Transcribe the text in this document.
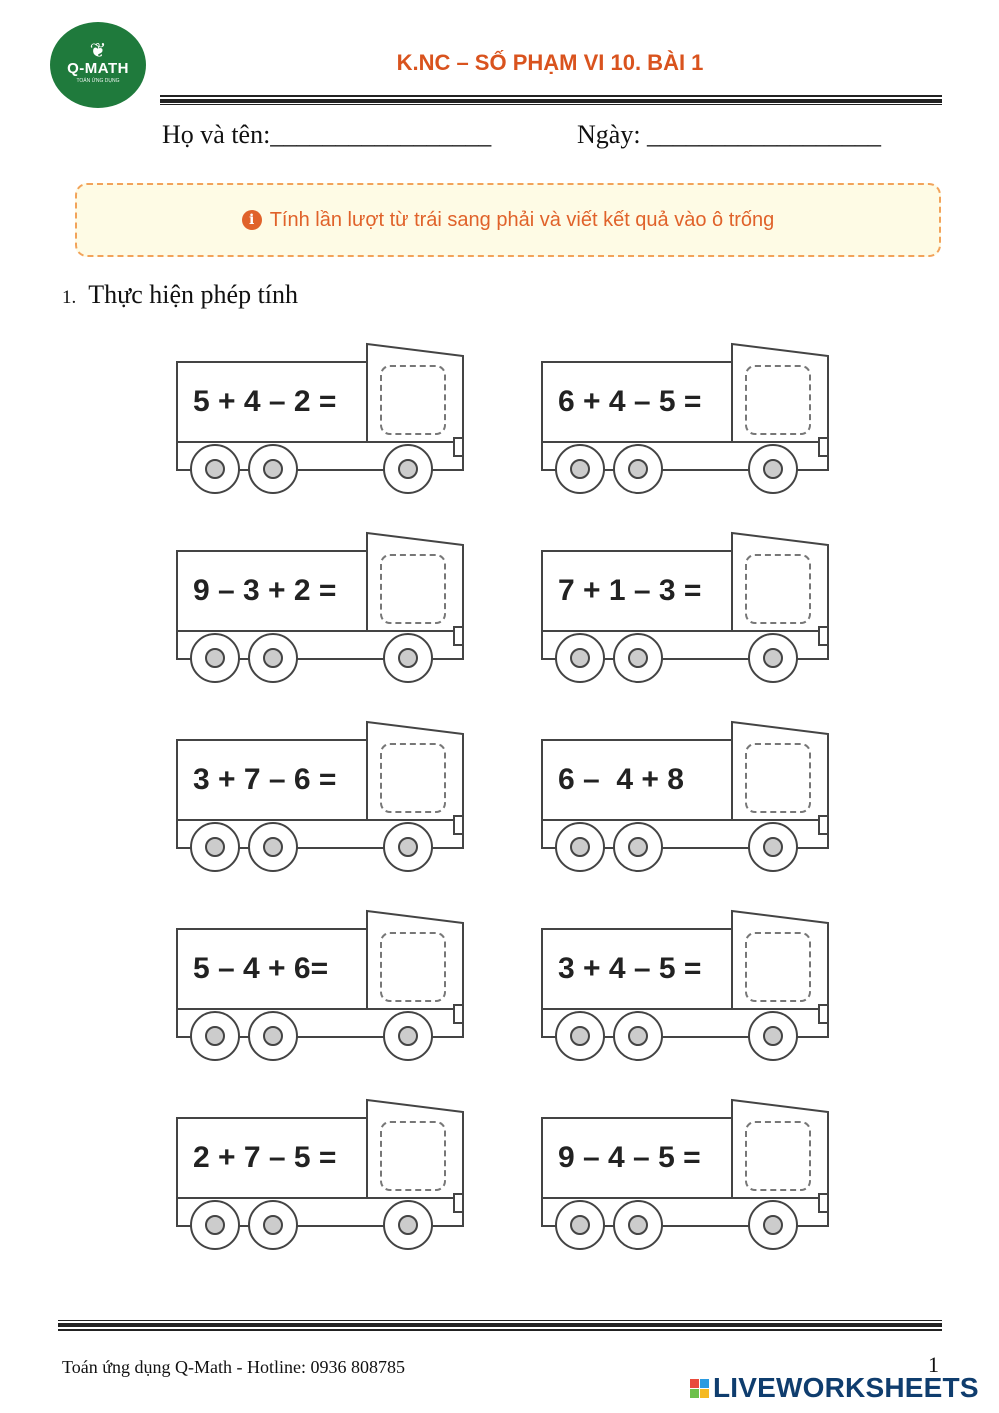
❦
Q-MATH
TOÁN ỨNG DỤNG
K.NC – SỐ PHẠM VI 10. BÀI 1
Họ và tên:_________________	Ngày: __________________
i Tính lần lượt từ trái sang phải và viết kết quả vào ô trống
1. Thực hiện phép tính
5 + 4 – 2 =	6 + 4 – 5 =
9 – 3 + 2 =	7 + 1 – 3 =
3 + 7 – 6 =	6 –  4 + 8
5 – 4 + 6=	3 + 4 – 5 =
2 + 7 – 5 =	9 – 4 – 5 =
Toán ứng dụng Q-Math - Hotline: 0936 808785	1
LIVEWORKSHEETS
